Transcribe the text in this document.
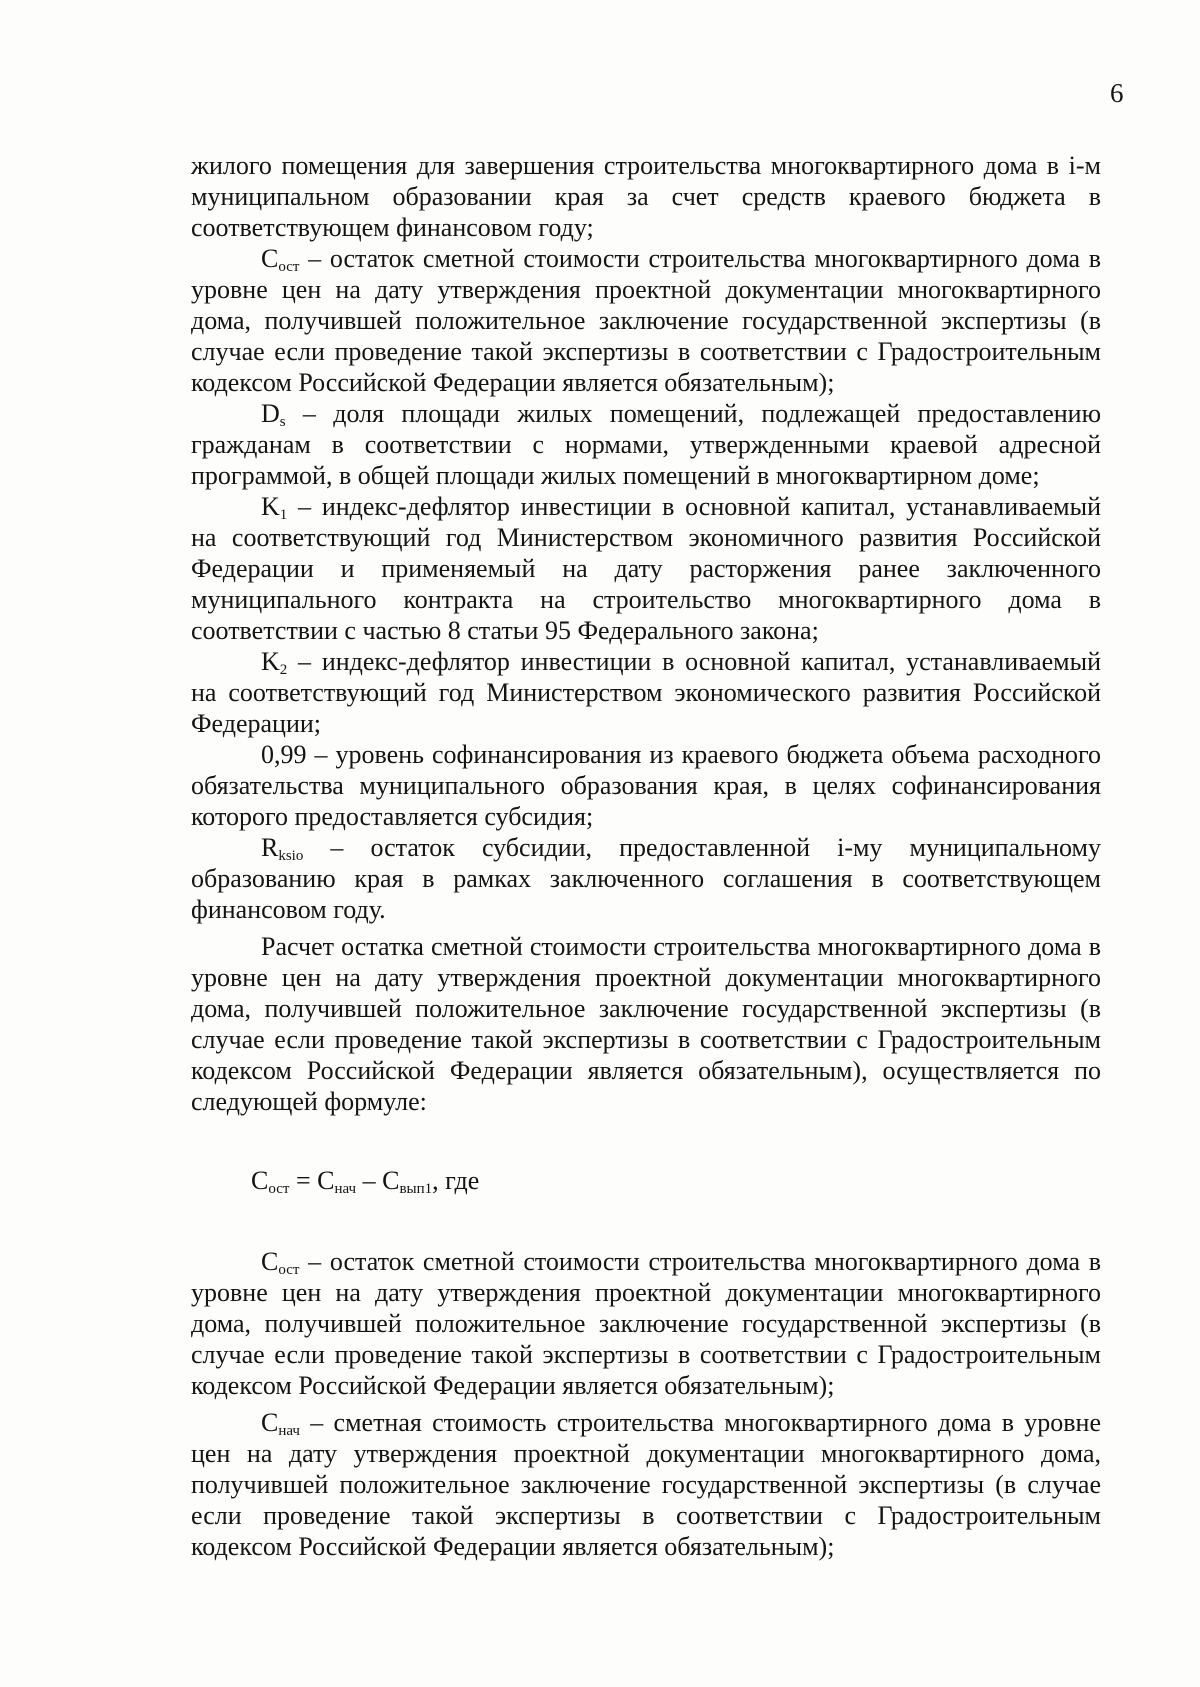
6

жилого помещения для завершения строительства многоквартирного дома в i-м муниципальном образовании края за счет средств краевого бюджета в соответствующем финансовом году;

$С_{ост}$ – остаток сметной стоимости строительства многоквартирного дома в уровне цен на дату утверждения проектной документации многоквартирного дома, получившей положительное заключение государственной экспертизы (в случае если проведение такой экспертизы в соответствии с Градостроительным кодексом Российской Федерации является обязательным);

$D_s$ – доля площади жилых помещений, подлежащей предоставлению гражданам в соответствии с нормами, утвержденными краевой адресной программой, в общей площади жилых помещений в многоквартирном доме;

$K_1$ – индекс-дефлятор инвестиции в основной капитал, устанавливаемый на соответствующий год Министерством экономичного развития Российской Федерации и применяемый на дату расторжения ранее заключенного муниципального контракта на строительство многоквартирного дома в соответствии с частью 8 статьи 95 Федерального закона;

$K_2$ – индекс-дефлятор инвестиции в основной капитал, устанавливаемый на соответствующий год Министерством экономического развития Российской Федерации;

0,99 – уровень софинансирования из краевого бюджета объема расходного обязательства муниципального образования края, в целях софинансирования которого предоставляется субсидия;

$R_{ksio}$ – остаток субсидии, предоставленной i-му муниципальному образованию края в рамках заключенного соглашения в соответствующем финансовом году.

Расчет остатка сметной стоимости строительства многоквартирного дома в уровне цен на дату утверждения проектной документации многоквартирного дома, получившей положительное заключение государственной экспертизы (в случае если проведение такой экспертизы в соответствии с Градостроительным кодексом Российской Федерации является обязательным), осуществляется по следующей формуле:

$С_{ост} = С_{нач} - С_{вып1}$, где

$С_{ост}$ – остаток сметной стоимости строительства многоквартирного дома в уровне цен на дату утверждения проектной документации многоквартирного дома, получившей положительное заключение государственной экспертизы (в случае если проведение такой экспертизы в соответствии с Градостроительным кодексом Российской Федерации является обязательным);

$С_{нач}$ – сметная стоимость строительства многоквартирного дома в уровне цен на дату утверждения проектной документации многоквартирного дома, получившей положительное заключение государственной экспертизы (в случае если проведение такой экспертизы в соответствии с Градостроительным кодексом Российской Федерации является обязательным);
